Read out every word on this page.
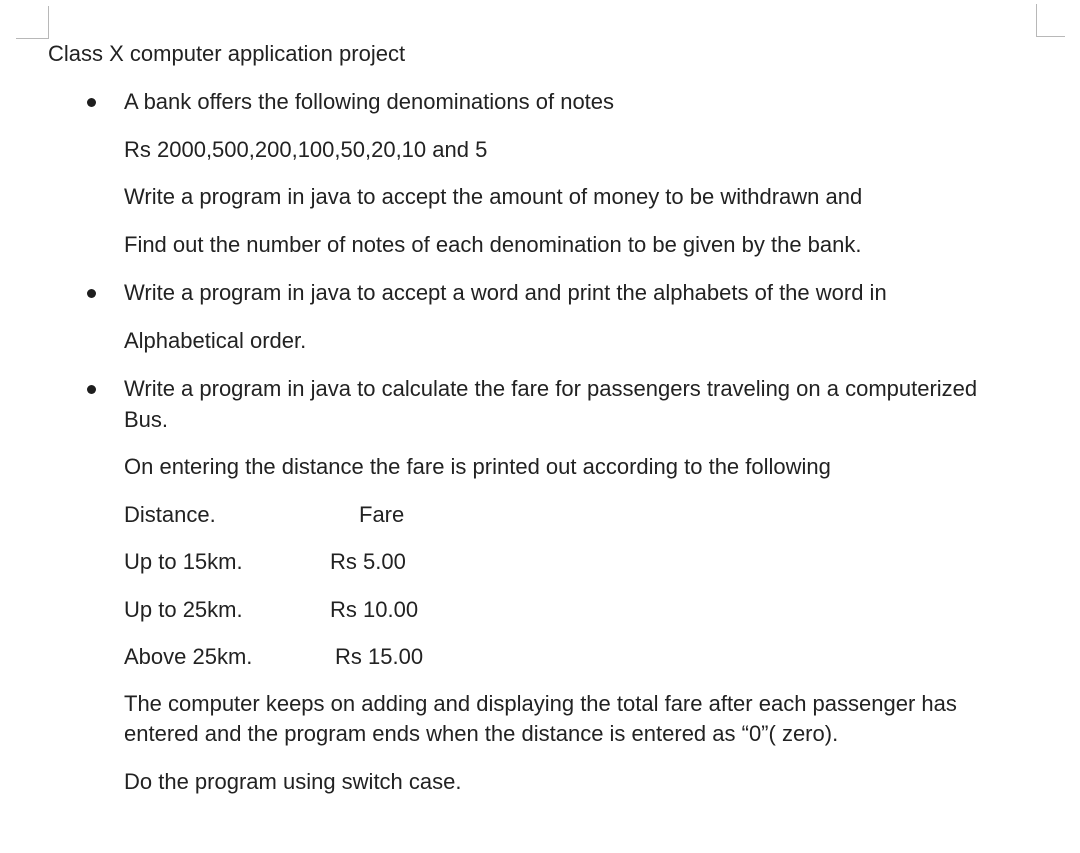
Class X computer application project
A bank offers the following denominations of notes
Rs 2000,500,200,100,50,20,10 and 5
Write a program in java to accept the amount of money to be withdrawn and
Find out the number of notes of each denomination to be given by the bank.
Write a program in java to accept a word and print the alphabets of the word in
Alphabetical order.
Write a program in java to calculate the fare for passengers traveling on a computerized
Bus.
On entering the distance the fare is printed out according to the following
Distance.	Fare
Up to 15km.	Rs 5.00
Up to 25km.	Rs 10.00
Above 25km.	Rs 15.00
The computer keeps on adding and displaying the total fare after each passenger has entered and the program ends when the distance is entered as “0”( zero).
Do the program using switch case.
